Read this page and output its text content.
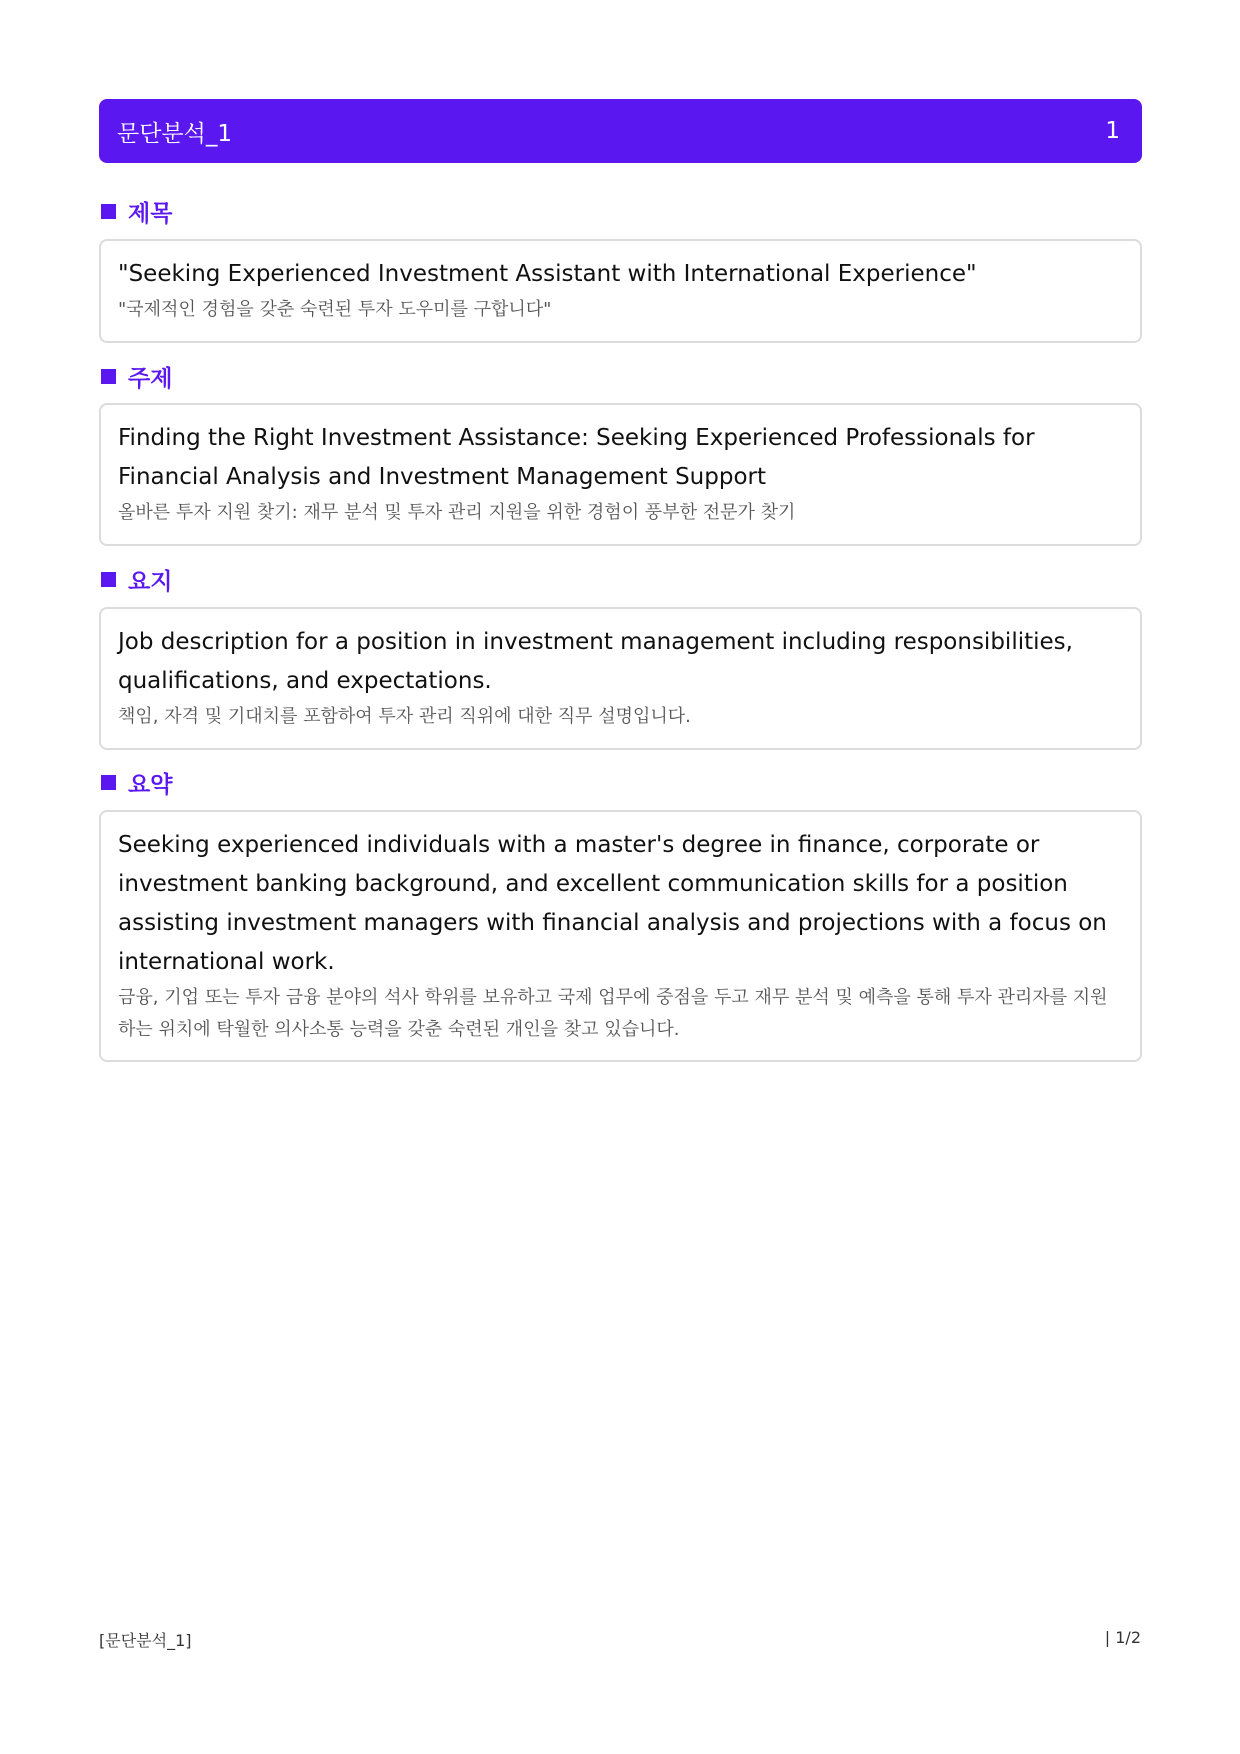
문단분석_1	1
제목
"Seeking Experienced Investment Assistant with International Experience"
"국제적인 경험을 갖춘 숙련된 투자 도우미를 구합니다"
주제
Finding the Right Investment Assistance: Seeking Experienced Professionals for Financial Analysis and Investment Management Support
올바른 투자 지원 찾기: 재무 분석 및 투자 관리 지원을 위한 경험이 풍부한 전문가 찾기
요지
Job description for a position in investment management including responsibilities, qualifications, and expectations.
책임, 자격 및 기대치를 포함하여 투자 관리 직위에 대한 직무 설명입니다.
요약
Seeking experienced individuals with a master's degree in finance, corporate or investment banking background, and excellent communication skills for a position assisting investment managers with financial analysis and projections with a focus on international work.
금융, 기업 또는 투자 금융 분야의 석사 학위를 보유하고 국제 업무에 중점을 두고 재무 분석 및 예측을 통해 투자 관리자를 지원하는 위치에 탁월한 의사소통 능력을 갖춘 숙련된 개인을 찾고 있습니다.
[문단분석_1]	| 1/2
